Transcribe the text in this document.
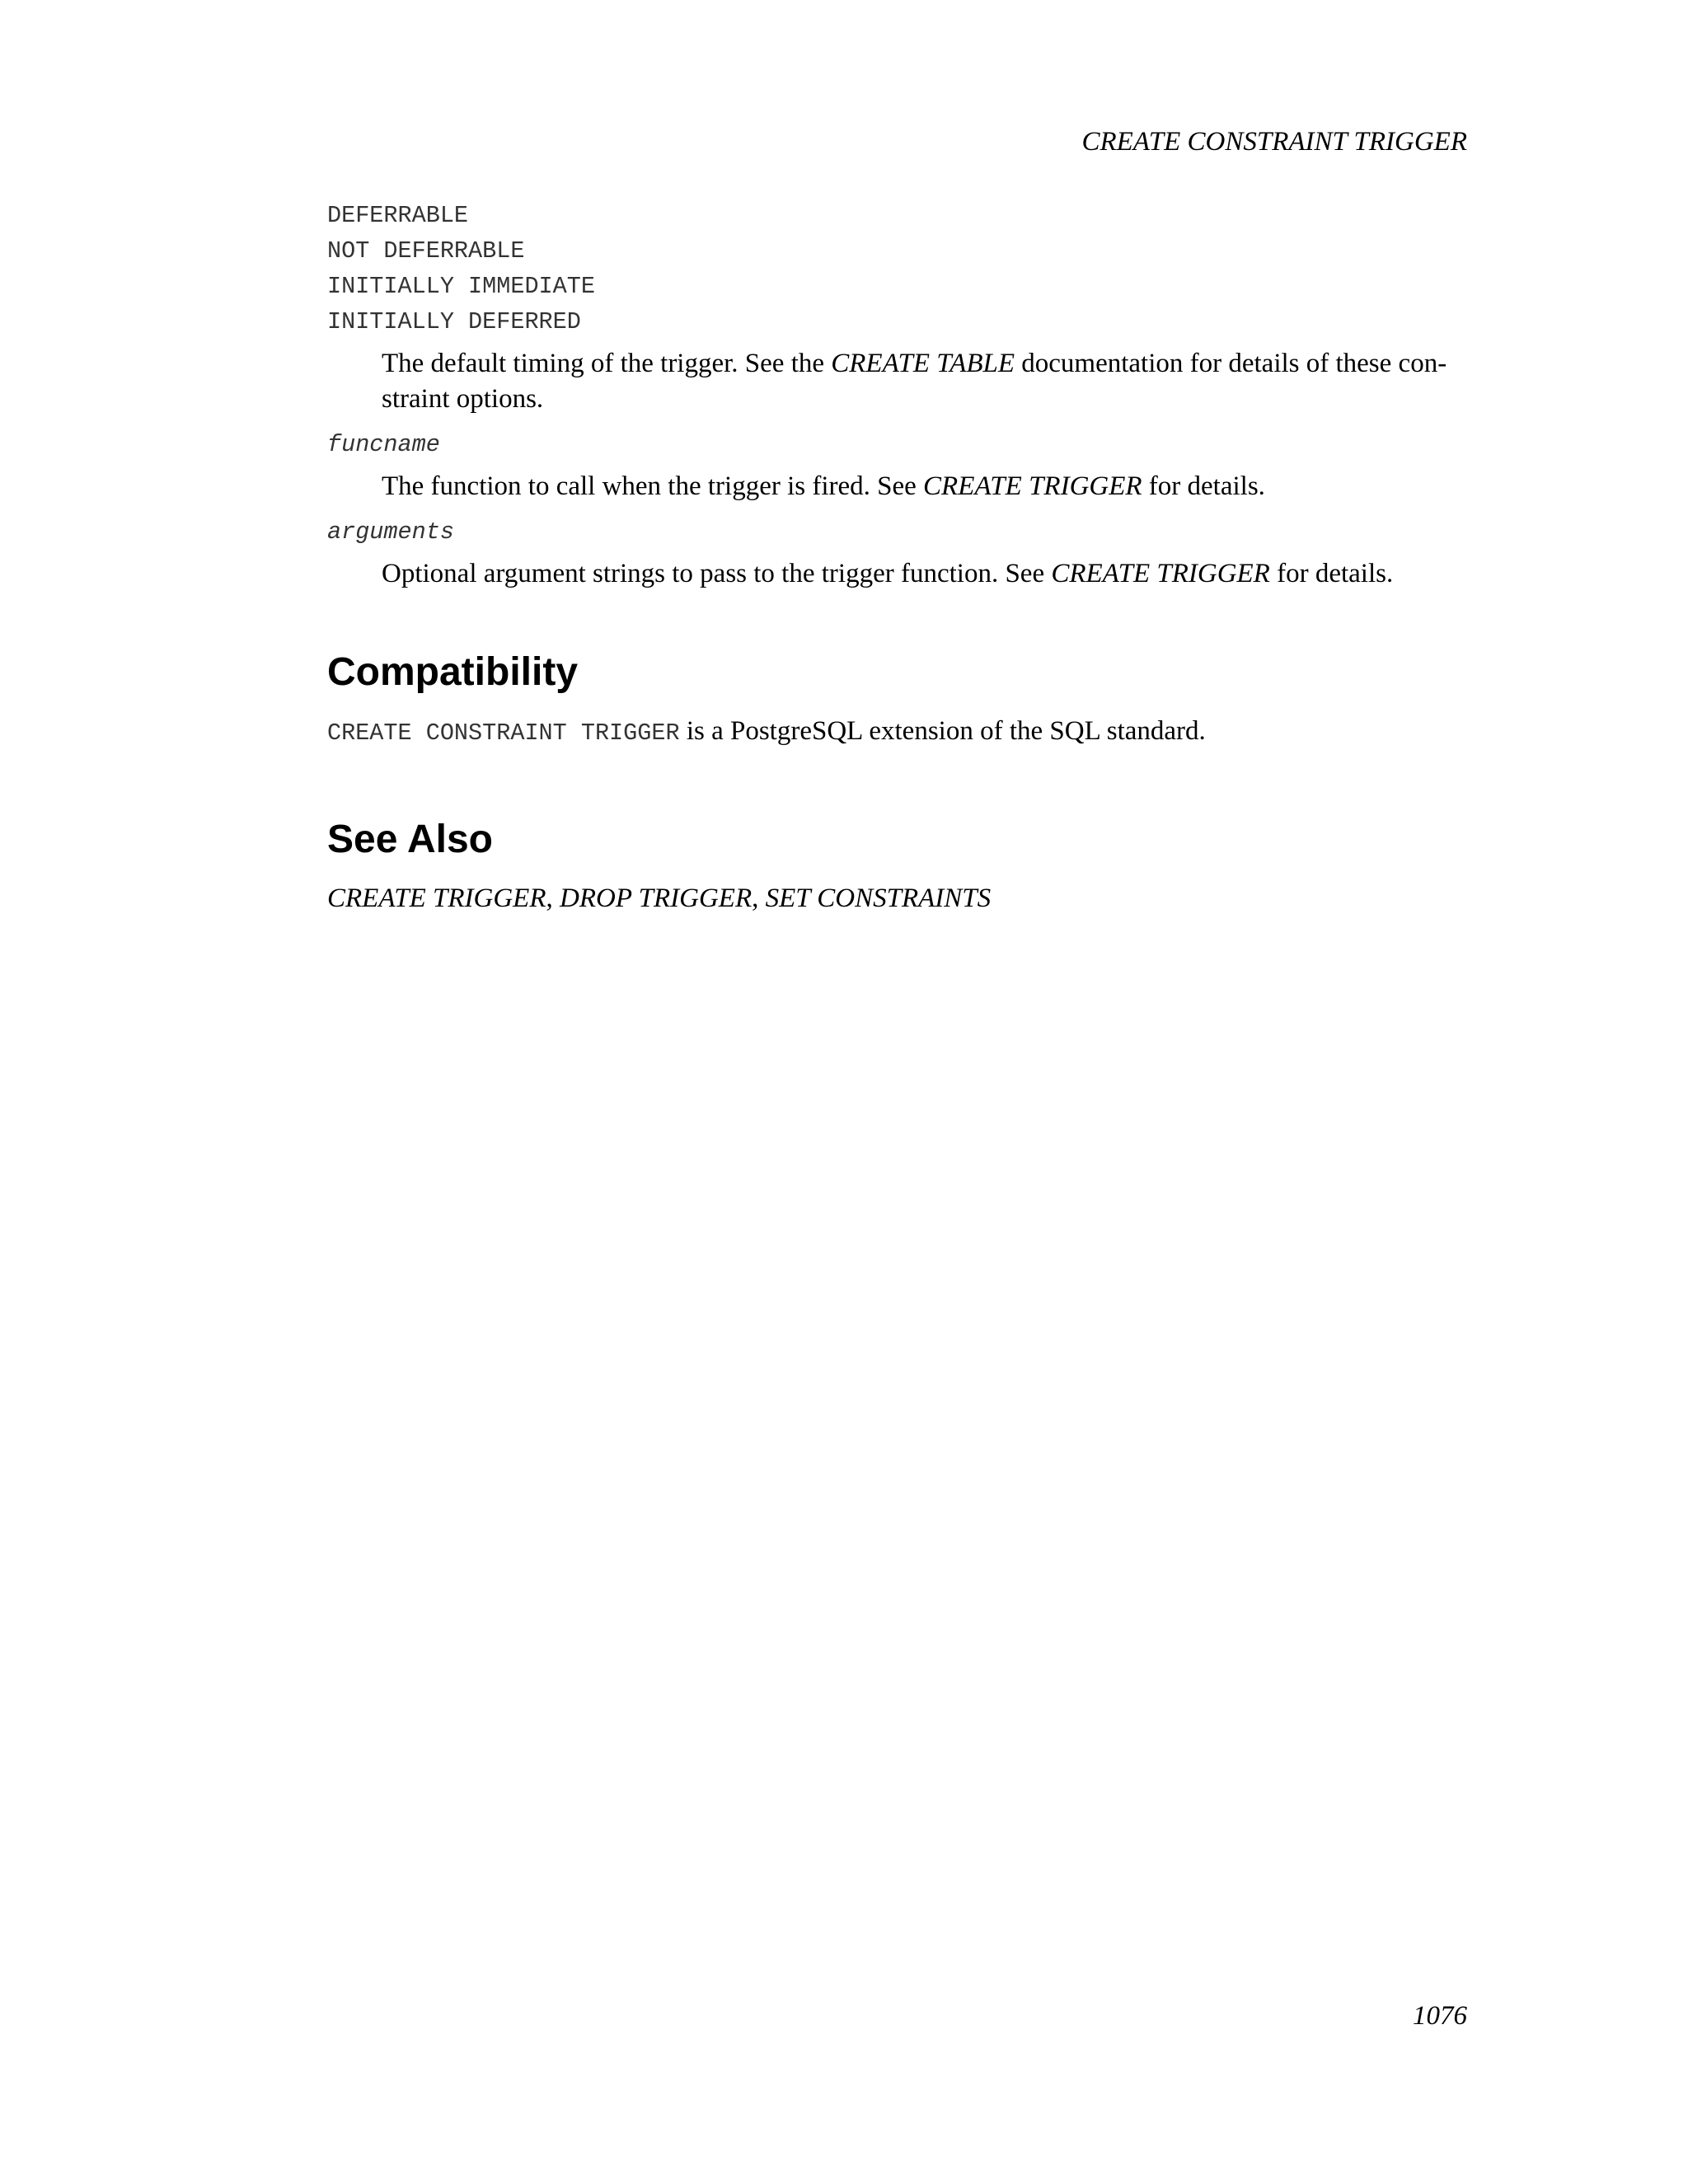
CREATE CONSTRAINT TRIGGER
DEFERRABLE
NOT DEFERRABLE
INITIALLY IMMEDIATE
INITIALLY DEFERRED
The default timing of the trigger. See the CREATE TABLE documentation for details of these con-
straint options.
funcname
The function to call when the trigger is fired. See CREATE TRIGGER for details.
arguments
Optional argument strings to pass to the trigger function. See CREATE TRIGGER for details.
Compatibility
CREATE CONSTRAINT TRIGGER is a PostgreSQL extension of the SQL standard.
See Also
CREATE TRIGGER, DROP TRIGGER, SET CONSTRAINTS
1076
